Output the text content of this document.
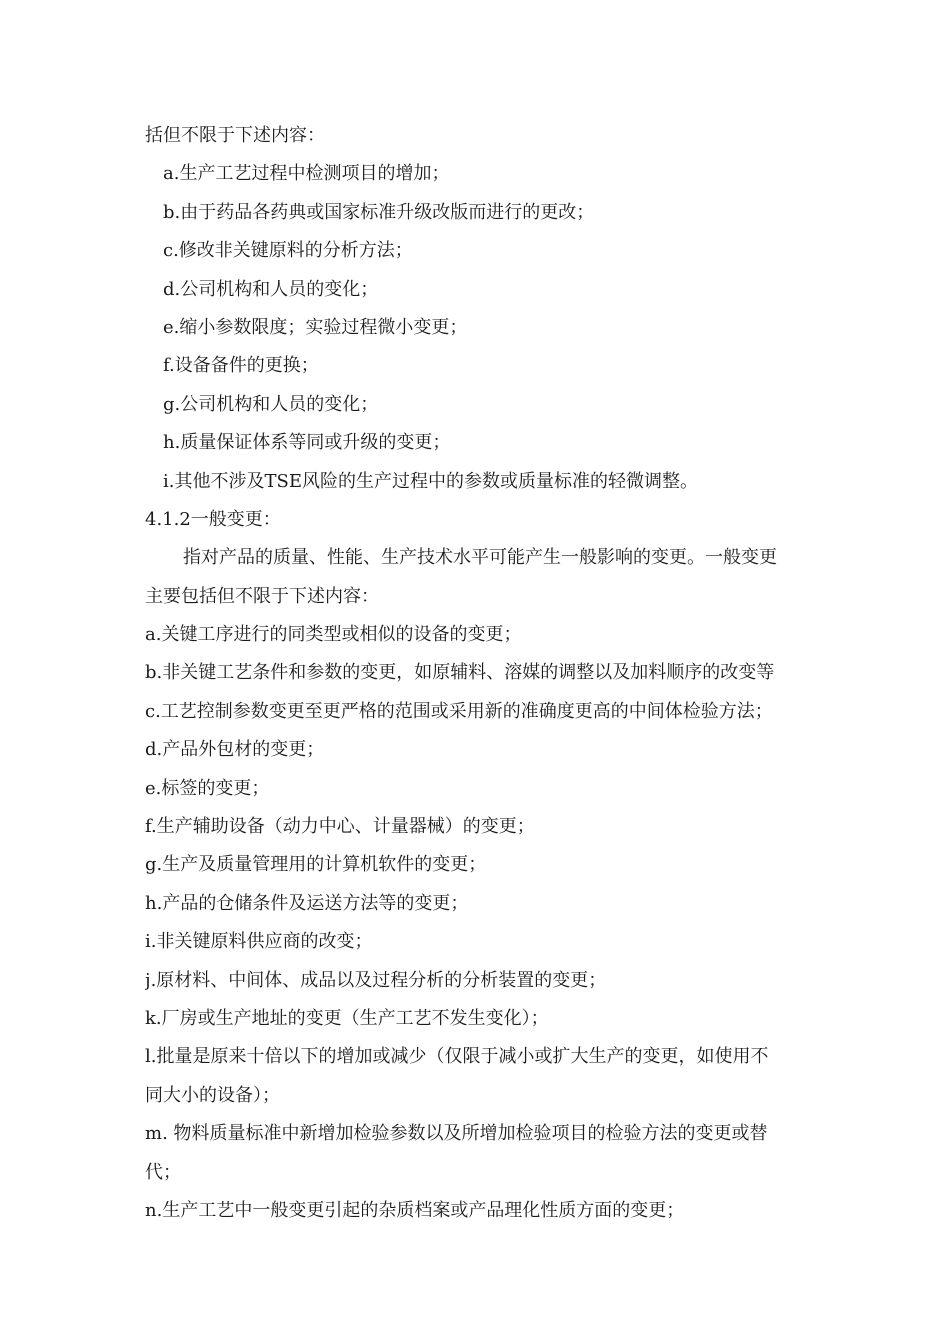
括但不限于下述内容：
a.生产工艺过程中检测项目的增加；
b.由于药品各药典或国家标准升级改版而进行的更改；
c.修改非关键原料的分析方法；
d.公司机构和人员的变化；
e.缩小参数限度；实验过程微小变更；
f.设备备件的更换；
g.公司机构和人员的变化；
h.质量保证体系等同或升级的变更；
i.其他不涉及TSE风险的生产过程中的参数或质量标准的轻微调整。
4.1.2一般变更：
指对产品的质量、性能、生产技术水平可能产生一般影响的变更。一般变更
主要包括但不限于下述内容：
a.关键工序进行的同类型或相似的设备的变更；
b.非关键工艺条件和参数的变更，如原辅料、溶媒的调整以及加料顺序的改变等
c.工艺控制参数变更至更严格的范围或采用新的准确度更高的中间体检验方法；
d.产品外包材的变更；
e.标签的变更；
f.生产辅助设备（动力中心、计量器械）的变更；
g.生产及质量管理用的计算机软件的变更；
h.产品的仓储条件及运送方法等的变更；
i.非关键原料供应商的改变；
j.原材料、中间体、成品以及过程分析的分析装置的变更；
k.厂房或生产地址的变更（生产工艺不发生变化）；
l.批量是原来十倍以下的增加或减少（仅限于减小或扩大生产的变更，如使用不
同大小的设备）；
m. 物料质量标准中新增加检验参数以及所增加检验项目的检验方法的变更或替
代；
n.生产工艺中一般变更引起的杂质档案或产品理化性质方面的变更；
